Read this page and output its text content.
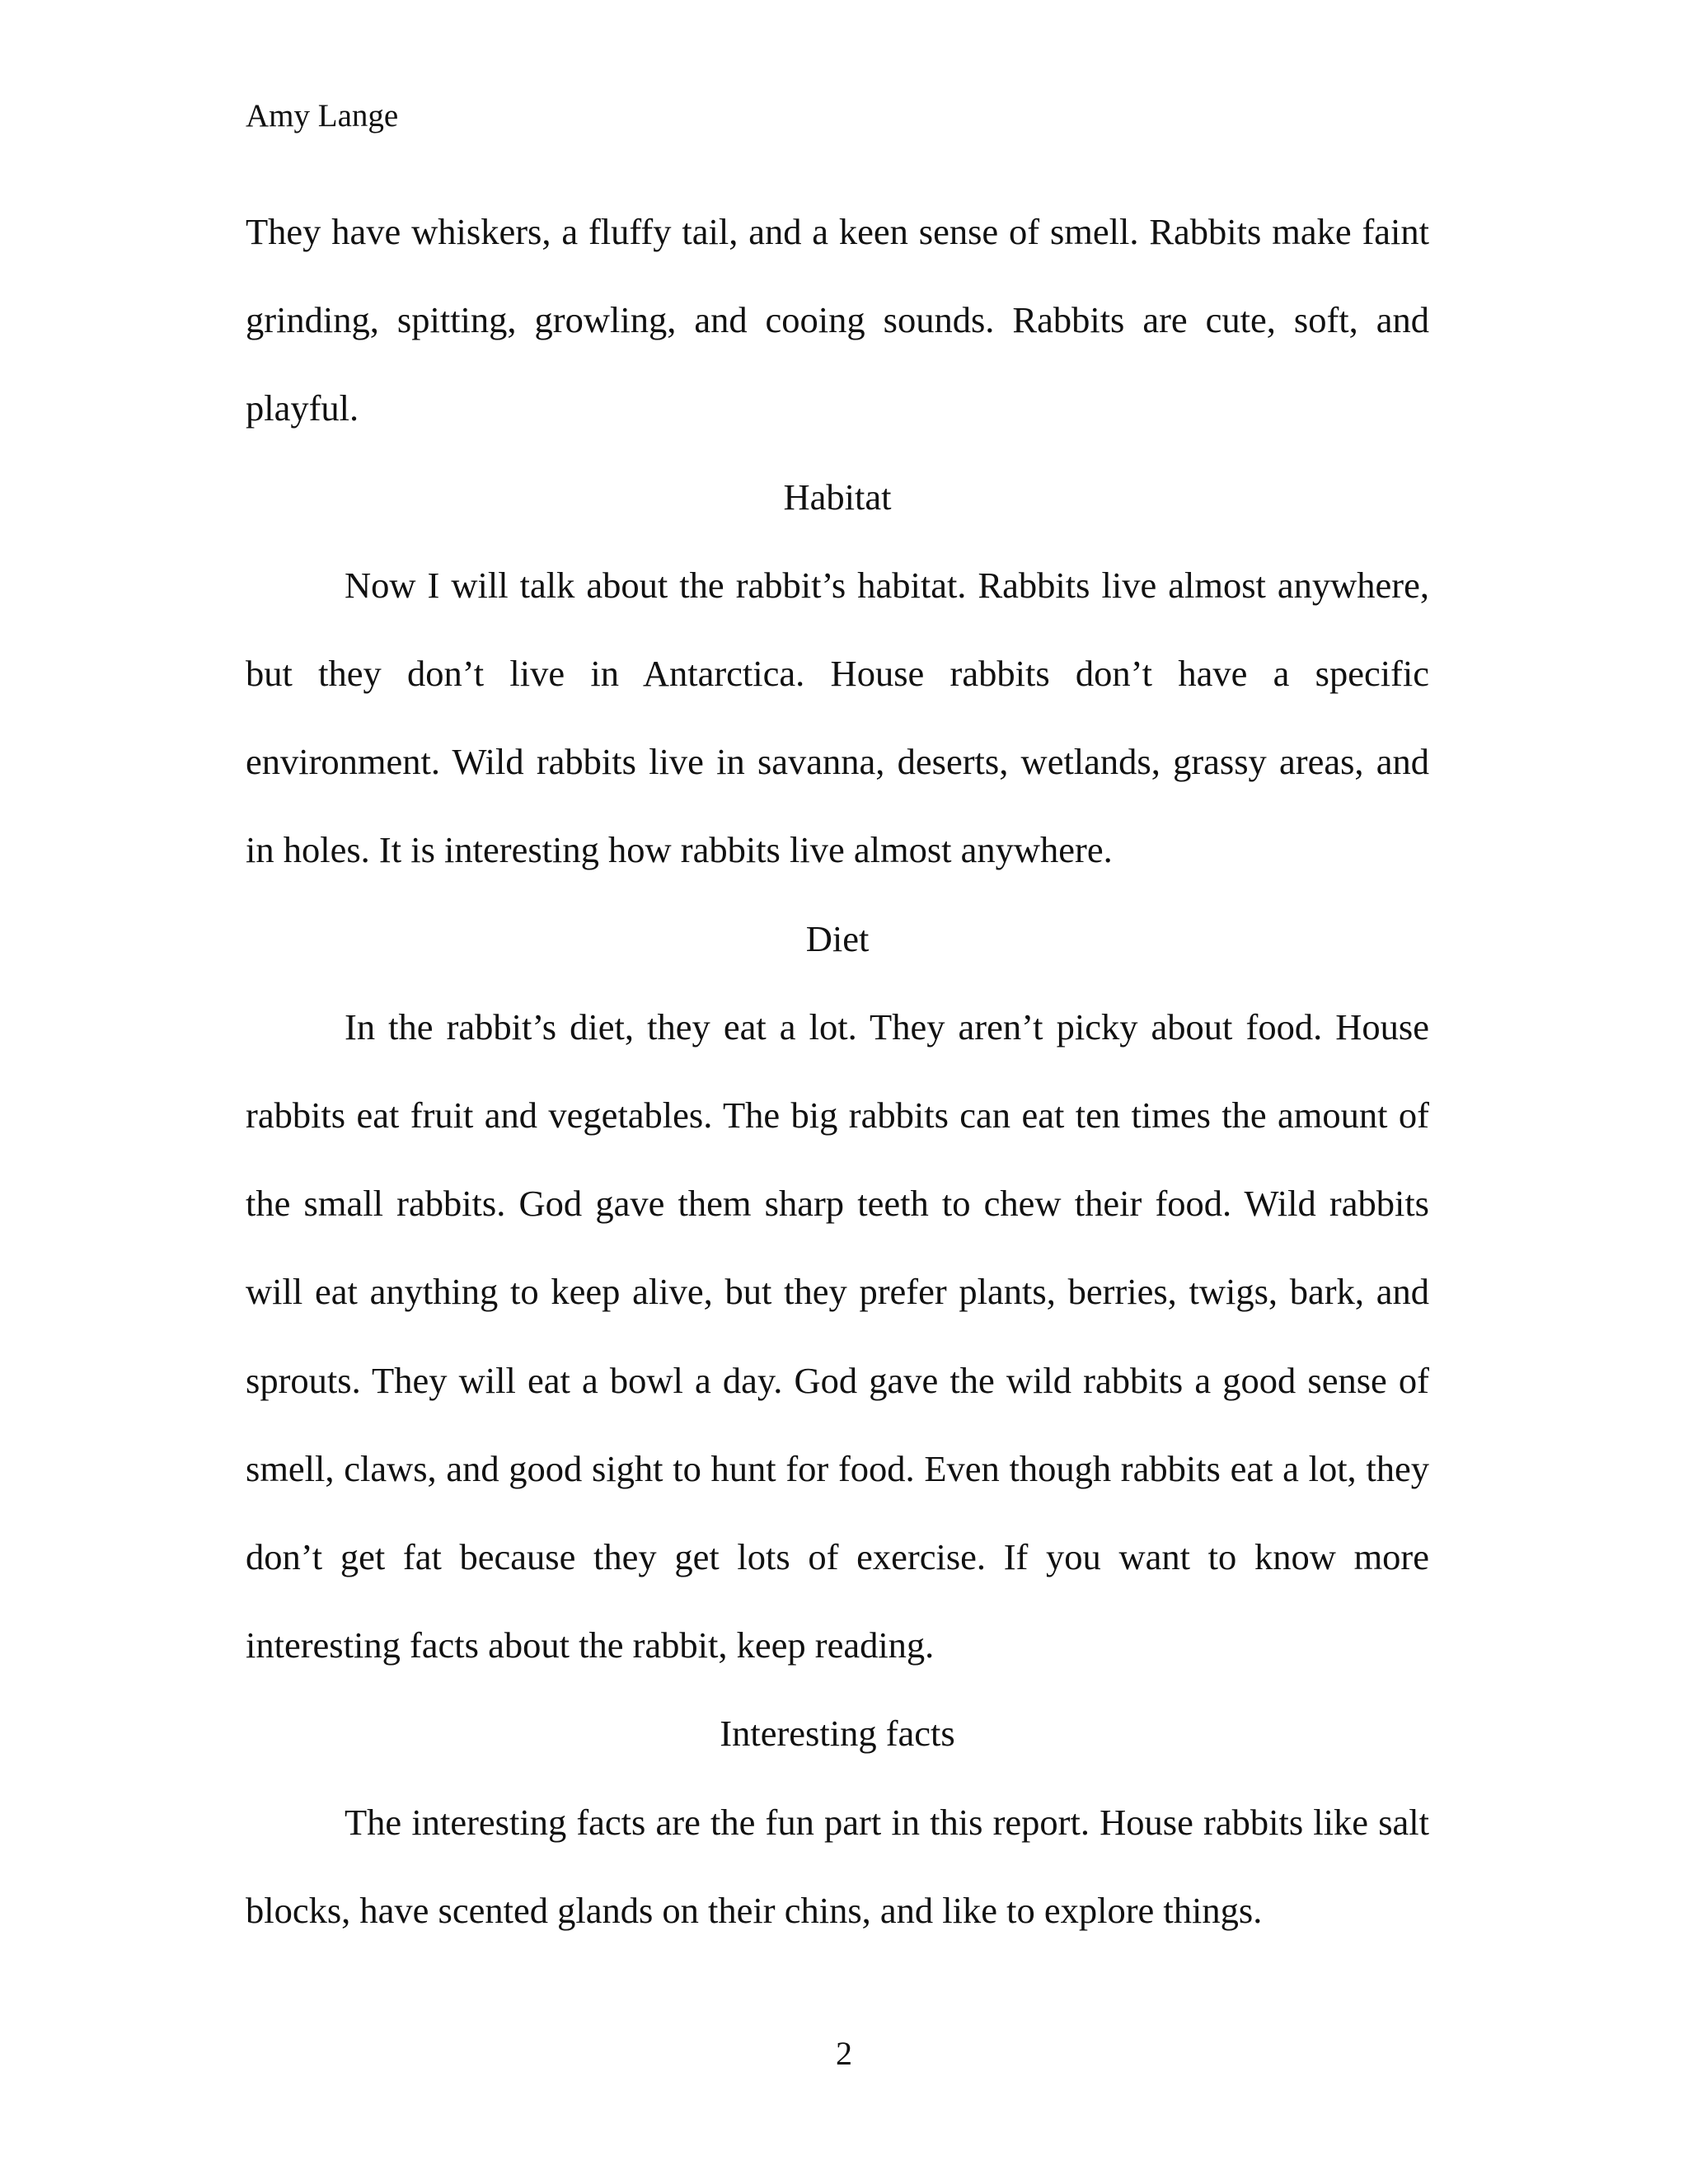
Amy Lange

They have whiskers, a fluffy tail, and a keen sense of smell. Rabbits make faint grinding, spitting, growling, and cooing sounds. Rabbits are cute, soft, and playful.

Habitat

Now I will talk about the rabbit’s habitat. Rabbits live almost anywhere, but they don’t live in Antarctica. House rabbits don’t have a specific environment. Wild rabbits live in savanna, deserts, wetlands, grassy areas, and in holes. It is interesting how rabbits live almost anywhere.

Diet

In the rabbit’s diet, they eat a lot. They aren’t picky about food. House rabbits eat fruit and vegetables. The big rabbits can eat ten times the amount of the small rabbits. God gave them sharp teeth to chew their food. Wild rabbits will eat anything to keep alive, but they prefer plants, berries, twigs, bark, and sprouts. They will eat a bowl a day. God gave the wild rabbits a good sense of smell, claws, and good sight to hunt for food. Even though rabbits eat a lot, they don’t get fat because they get lots of exercise. If you want to know more interesting facts about the rabbit, keep reading.

Interesting facts

The interesting facts are the fun part in this report. House rabbits like salt blocks, have scented glands on their chins, and like to explore things.

2
